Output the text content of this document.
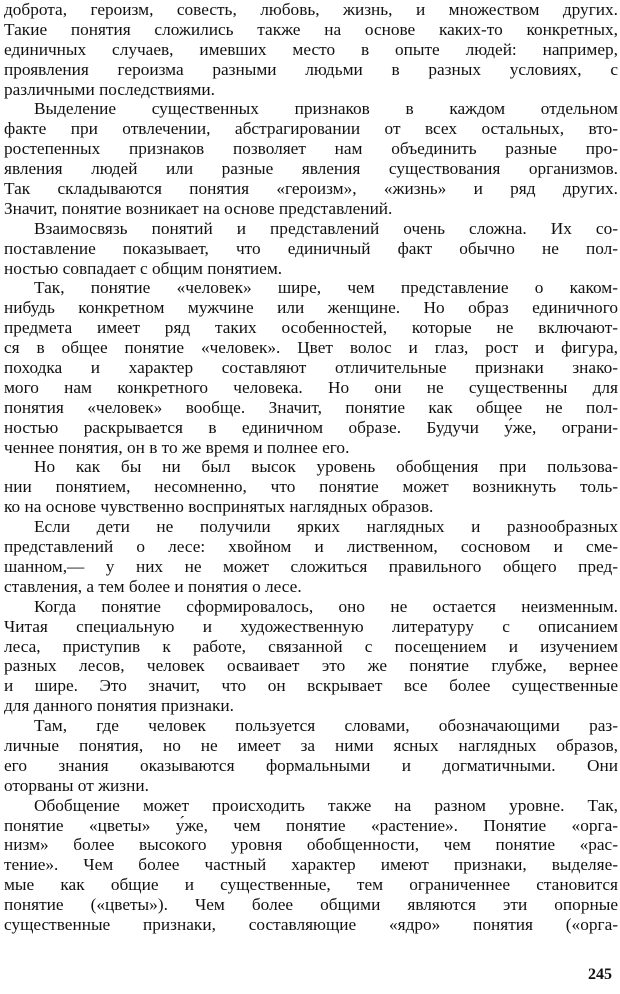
доброта, героизм, совесть, любовь, жизнь, и множеством других.
Такие понятия сложились также на основе каких-то конкретных,
единичных случаев, имевших место в опыте людей: например,
проявления героизма разными людьми в разных условиях, с
различными последствиями.

Выделение существенных признаков в каждом отдельном
факте при отвлечении, абстрагировании от всех остальных, вто-
ростепенных признаков позволяет нам объединить разные про-
явления людей или разные явления существования организмов.
Так складываются понятия «героизм», «жизнь» и ряд других.
Значит, понятие возникает на основе представлений.

Взаимосвязь понятий и представлений очень сложна. Их со-
поставление показывает, что единичный факт обычно не пол-
ностью совпадает с общим понятием.

Так, понятие «человек» шире, чем представление о каком-
нибудь конкретном мужчине или женщине. Но образ единичного
предмета имеет ряд таких особенностей, которые не включают-
ся в общее понятие «человек». Цвет волос и глаз, рост и фигура,
походка и характер составляют отличительные признаки знако-
мого нам конкретного человека. Но они не существенны для
понятия «человек» вообще. Значит, понятие как общее не пол-
ностью раскрывается в единичном образе. Будучи у́же, ограни-
ченнее понятия, он в то же время и полнее его.

Но как бы ни был высок уровень обобщения при пользова-
нии понятием, несомненно, что понятие может возникнуть толь-
ко на основе чувственно воспринятых наглядных образов.

Если дети не получили ярких наглядных и разнообразных
представлений о лесе: хвойном и лиственном, сосновом и сме-
шанном,— у них не может сложиться правильного общего пред-
ставления, а тем более и понятия о лесе.

Когда понятие сформировалось, оно не остается неизменным.
Читая специальную и художественную литературу с описанием
леса, приступив к работе, связанной с посещением и изучением
разных лесов, человек осваивает это же понятие глубже, вернее
и шире. Это значит, что он вскрывает все более существенные
для данного понятия признаки.

Там, где человек пользуется словами, обозначающими раз-
личные понятия, но не имеет за ними ясных наглядных образов,
его знания оказываются формальными и догматичными. Они
оторваны от жизни.

Обобщение может происходить также на разном уровне. Так,
понятие «цветы» у́же, чем понятие «растение». Понятие «орга-
низм» более высокого уровня обобщенности, чем понятие «рас-
тение». Чем более частный характер имеют признаки, выделяе-
мые как общие и существенные, тем ограниченнее становится
понятие («цветы»). Чем более общими являются эти опорные
существенные признаки, составляющие «ядро» понятия («орга-

245
